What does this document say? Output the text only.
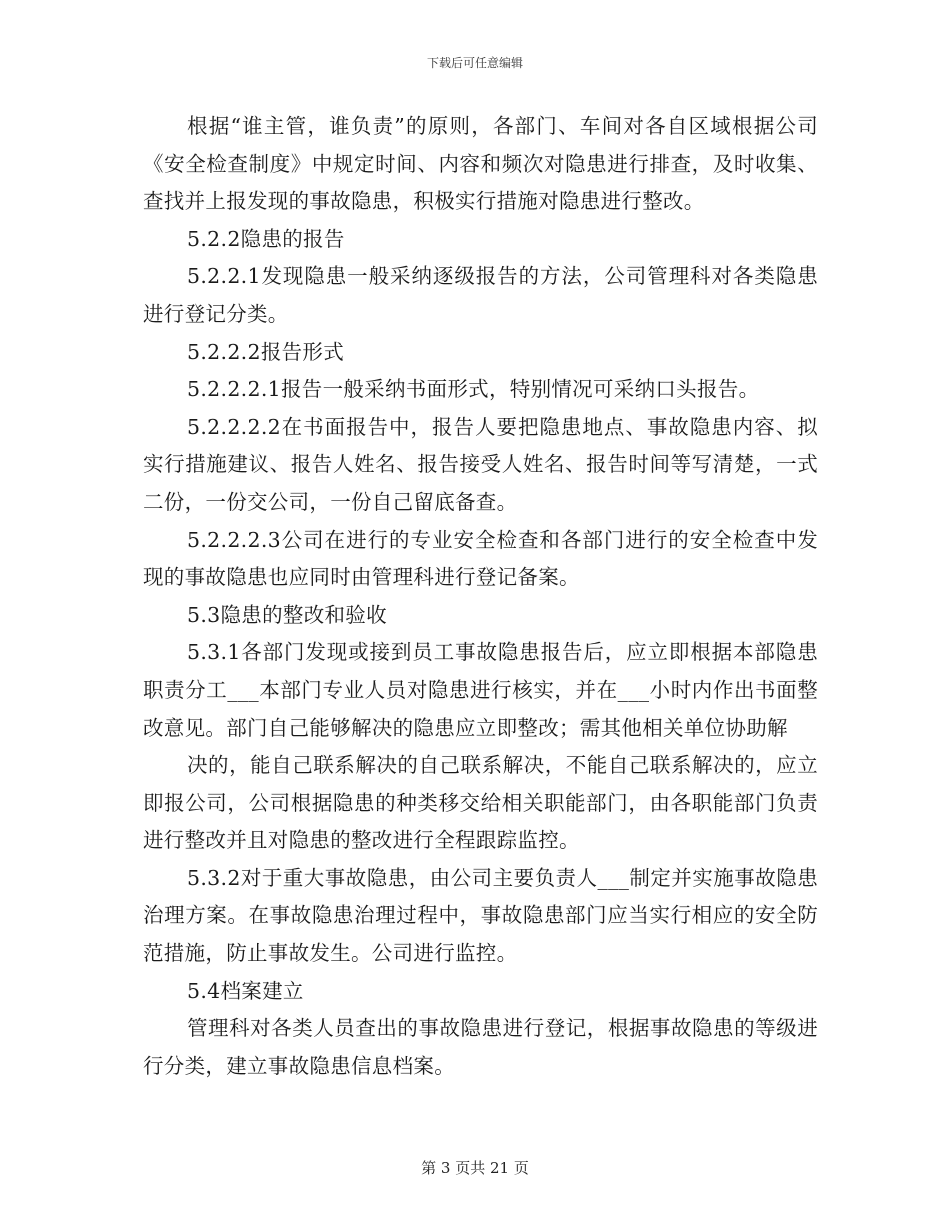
下载后可任意编辑

根据“谁主管，谁负责”的原则，各部门、车间对各自区域根据公司《安全检查制度》中规定时间、内容和频次对隐患进行排查，及时收集、查找并上报发现的事故隐患，积极实行措施对隐患进行整改。

5.2.2隐患的报告

5.2.2.1发现隐患一般采纳逐级报告的方法，公司管理科对各类隐患进行登记分类。

5.2.2.2报告形式

5.2.2.2.1报告一般采纳书面形式，特别情况可采纳口头报告。

5.2.2.2.2在书面报告中，报告人要把隐患地点、事故隐患内容、拟实行措施建议、报告人姓名、报告接受人姓名、报告时间等写清楚，一式二份，一份交公司，一份自己留底备查。

5.2.2.2.3公司在进行的专业安全检查和各部门进行的安全检查中发现的事故隐患也应同时由管理科进行登记备案。

5.3隐患的整改和验收

5.3.1各部门发现或接到员工事故隐患报告后，应立即根据本部隐患职责分工___本部门专业人员对隐患进行核实，并在___小时内作出书面整改意见。部门自己能够解决的隐患应立即整改；需其他相关单位协助解

决的，能自己联系解决的自己联系解决，不能自己联系解决的，应立即报公司，公司根据隐患的种类移交给相关职能部门，由各职能部门负责进行整改并且对隐患的整改进行全程跟踪监控。

5.3.2对于重大事故隐患，由公司主要负责人___制定并实施事故隐患治理方案。在事故隐患治理过程中，事故隐患部门应当实行相应的安全防范措施，防止事故发生。公司进行监控。

5.4档案建立

管理科对各类人员查出的事故隐患进行登记，根据事故隐患的等级进行分类，建立事故隐患信息档案。

第 3 页共 21 页
